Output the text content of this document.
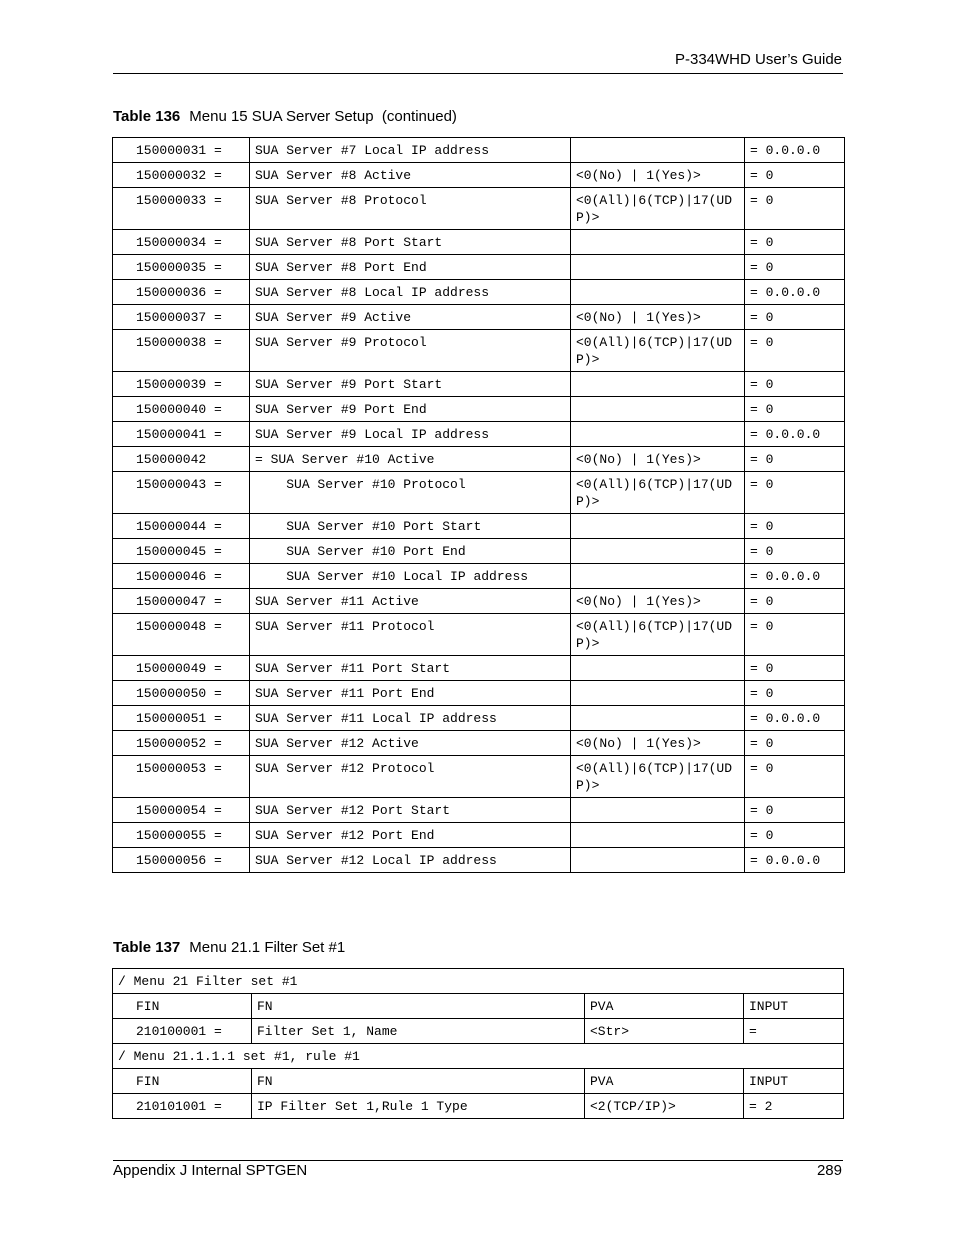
P-334WHD User’s Guide
Table 136 Menu 15 SUA Server Setup  (continued)
150000031 =	SUA Server #7 Local IP address		= 0.0.0.0
150000032 =	SUA Server #8 Active	<0(No) | 1(Yes)>	= 0
150000033 =	SUA Server #8 Protocol	<0(All)|6(TCP)|17(UDP)>	= 0
150000034 =	SUA Server #8 Port Start		= 0
150000035 =	SUA Server #8 Port End		= 0
150000036 =	SUA Server #8 Local IP address		= 0.0.0.0
150000037 =	SUA Server #9 Active	<0(No) | 1(Yes)>	= 0
150000038 =	SUA Server #9 Protocol	<0(All)|6(TCP)|17(UDP)>	= 0
150000039 =	SUA Server #9 Port Start		= 0
150000040 =	SUA Server #9 Port End		= 0
150000041 =	SUA Server #9 Local IP address		= 0.0.0.0
150000042	= SUA Server #10 Active	<0(No) | 1(Yes)>	= 0
150000043 =	SUA Server #10 Protocol	<0(All)|6(TCP)|17(UDP)>	= 0
150000044 =	SUA Server #10 Port Start		= 0
150000045 =	SUA Server #10 Port End		= 0
150000046 =	SUA Server #10 Local IP address		= 0.0.0.0
150000047 =	SUA Server #11 Active	<0(No) | 1(Yes)>	= 0
150000048 =	SUA Server #11 Protocol	<0(All)|6(TCP)|17(UDP)>	= 0
150000049 =	SUA Server #11 Port Start		= 0
150000050 =	SUA Server #11 Port End		= 0
150000051 =	SUA Server #11 Local IP address		= 0.0.0.0
150000052 =	SUA Server #12 Active	<0(No) | 1(Yes)>	= 0
150000053 =	SUA Server #12 Protocol	<0(All)|6(TCP)|17(UDP)>	= 0
150000054 =	SUA Server #12 Port Start		= 0
150000055 =	SUA Server #12 Port End		= 0
150000056 =	SUA Server #12 Local IP address		= 0.0.0.0
Table 137 Menu 21.1 Filter Set #1
/ Menu 21 Filter set #1			
FIN	FN	PVA	INPUT
210100001 =	Filter Set 1, Name	<Str>	=
/ Menu 21.1.1.1 set #1, rule #1			
FIN	FN	PVA	INPUT
210101001 =	IP Filter Set 1,Rule 1 Type	<2(TCP/IP)>	= 2
Appendix J Internal SPTGEN	289
